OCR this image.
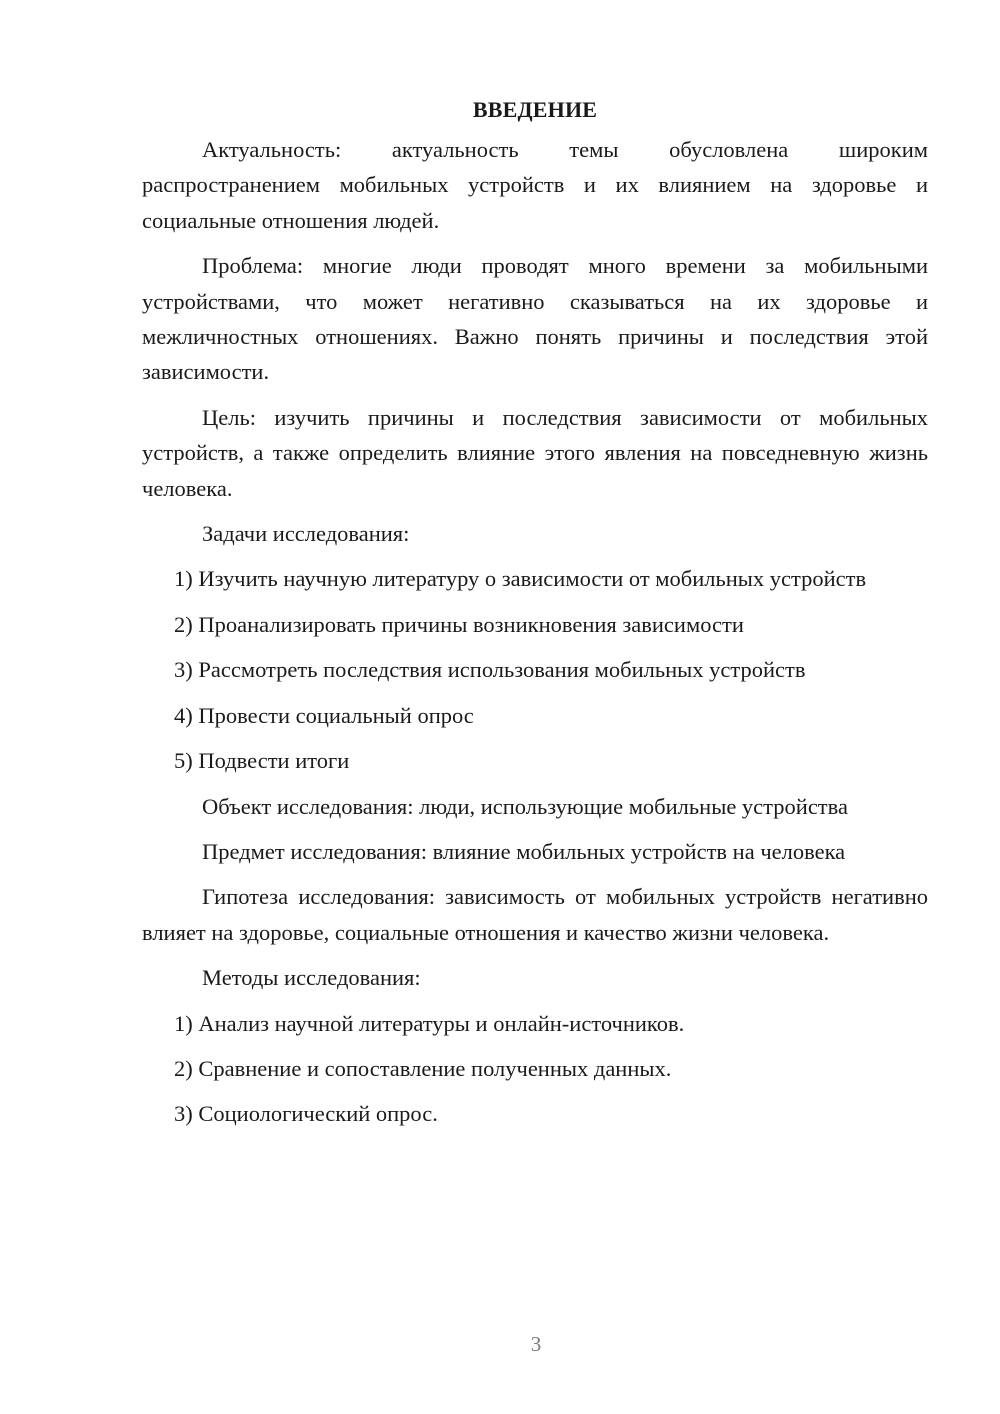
ВВЕДЕНИЕ

Актуальность: актуальность темы обусловлена широким распространением мобильных устройств и их влиянием на здоровье и социальные отношения людей.

Проблема: многие люди проводят много времени за мобильными устройствами, что может негативно сказываться на их здоровье и межличностных отношениях. Важно понять причины и последствия этой зависимости.

Цель: изучить причины и последствия зависимости от мобильных устройств, а также определить влияние этого явления на повседневную жизнь человека.

Задачи исследования:

1) Изучить научную литературу о зависимости от мобильных устройств

2) Проанализировать причины возникновения зависимости

3) Рассмотреть последствия использования мобильных устройств

4) Провести социальный опрос

5) Подвести итоги

Объект исследования: люди, использующие мобильные устройства

Предмет исследования: влияние мобильных устройств на человека

Гипотеза исследования: зависимость от мобильных устройств негативно влияет на здоровье, социальные отношения и качество жизни человека.

Методы исследования:

1) Анализ научной литературы и онлайн-источников.

2) Сравнение и сопоставление полученных данных.

3) Социологический опрос.

3
